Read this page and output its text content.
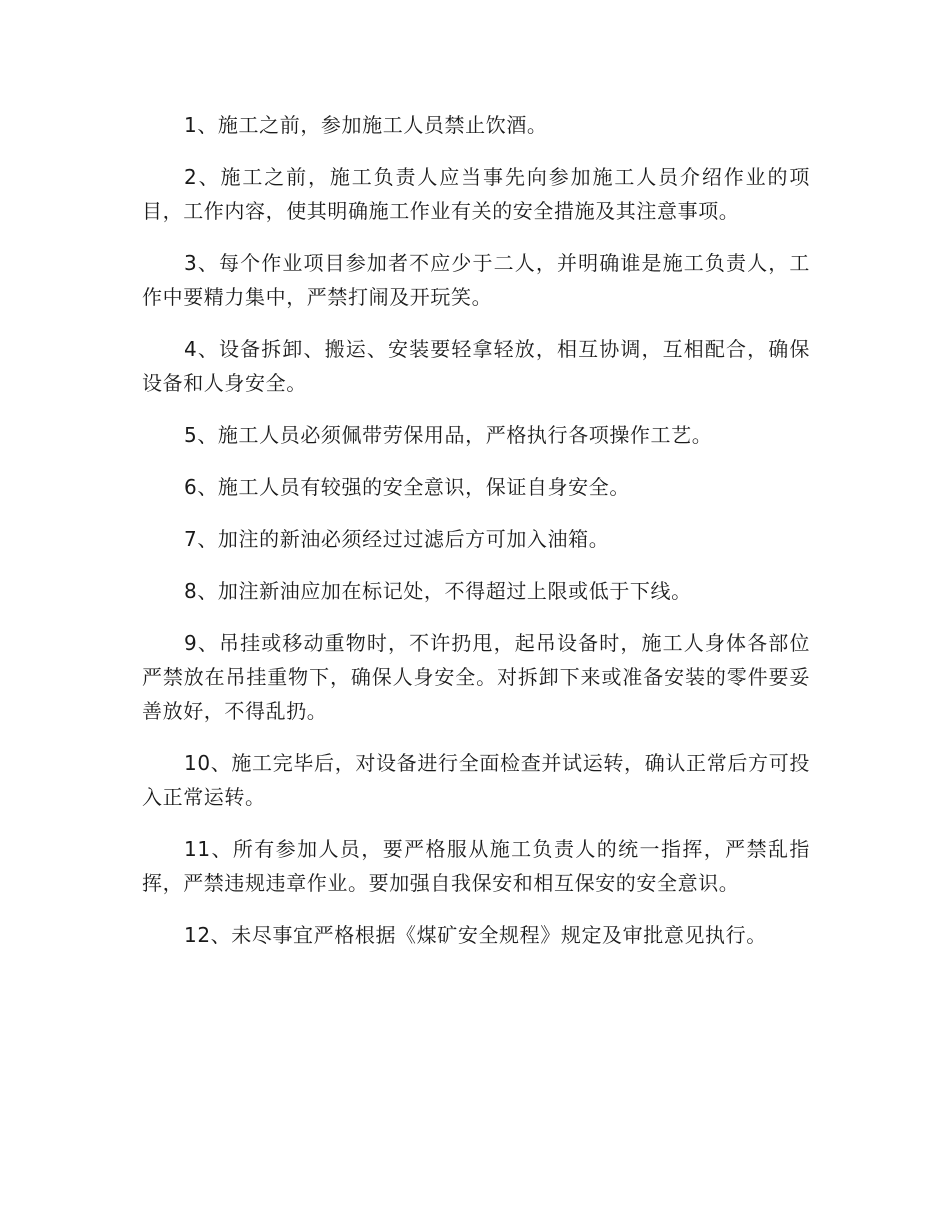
1、施工之前，参加施工人员禁止饮酒。

2、施工之前，施工负责人应当事先向参加施工人员介绍作业的项目，工作内容，使其明确施工作业有关的安全措施及其注意事项。

3、每个作业项目参加者不应少于二人，并明确谁是施工负责人，工作中要精力集中，严禁打闹及开玩笑。

4、设备拆卸、搬运、安装要轻拿轻放，相互协调，互相配合，确保设备和人身安全。

5、施工人员必须佩带劳保用品，严格执行各项操作工艺。

6、施工人员有较强的安全意识，保证自身安全。

7、加注的新油必须经过过滤后方可加入油箱。

8、加注新油应加在标记处，不得超过上限或低于下线。

9、吊挂或移动重物时，不许扔甩，起吊设备时，施工人身体各部位严禁放在吊挂重物下，确保人身安全。对拆卸下来或准备安装的零件要妥善放好，不得乱扔。

10、施工完毕后，对设备进行全面检查并试运转，确认正常后方可投入正常运转。

11、所有参加人员，要严格服从施工负责人的统一指挥，严禁乱指挥，严禁违规违章作业。要加强自我保安和相互保安的安全意识。

12、未尽事宜严格根据《煤矿安全规程》规定及审批意见执行。
